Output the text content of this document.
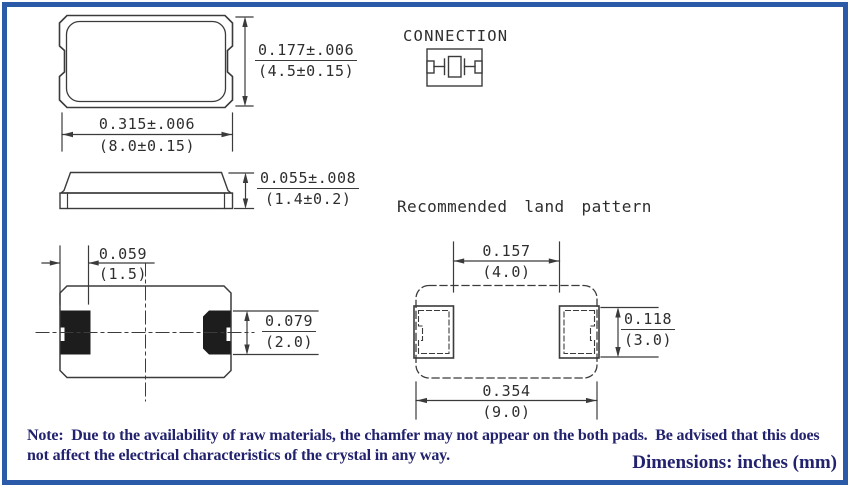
CONNECTION
Recommended land pattern
$\frac{0.177\pm.006}{(4.5\pm 0.15)}$
0.315±.006
(8.0±0.15)
$\frac{0.055\pm.008}{(1.4\pm 0.2)}$
0.059
(1.5)
$\frac{0.079}{(2.0)}$
0.157
(4.0)
$\frac{0.118}{(3.0)}$
0.354
(9.0)
Note:  Due to the availability of raw materials, the chamfer may not appear on the both pads.  Be advised that this does
not affect the electrical characteristics of the crystal in any way.	Dimensions: inches (mm)
